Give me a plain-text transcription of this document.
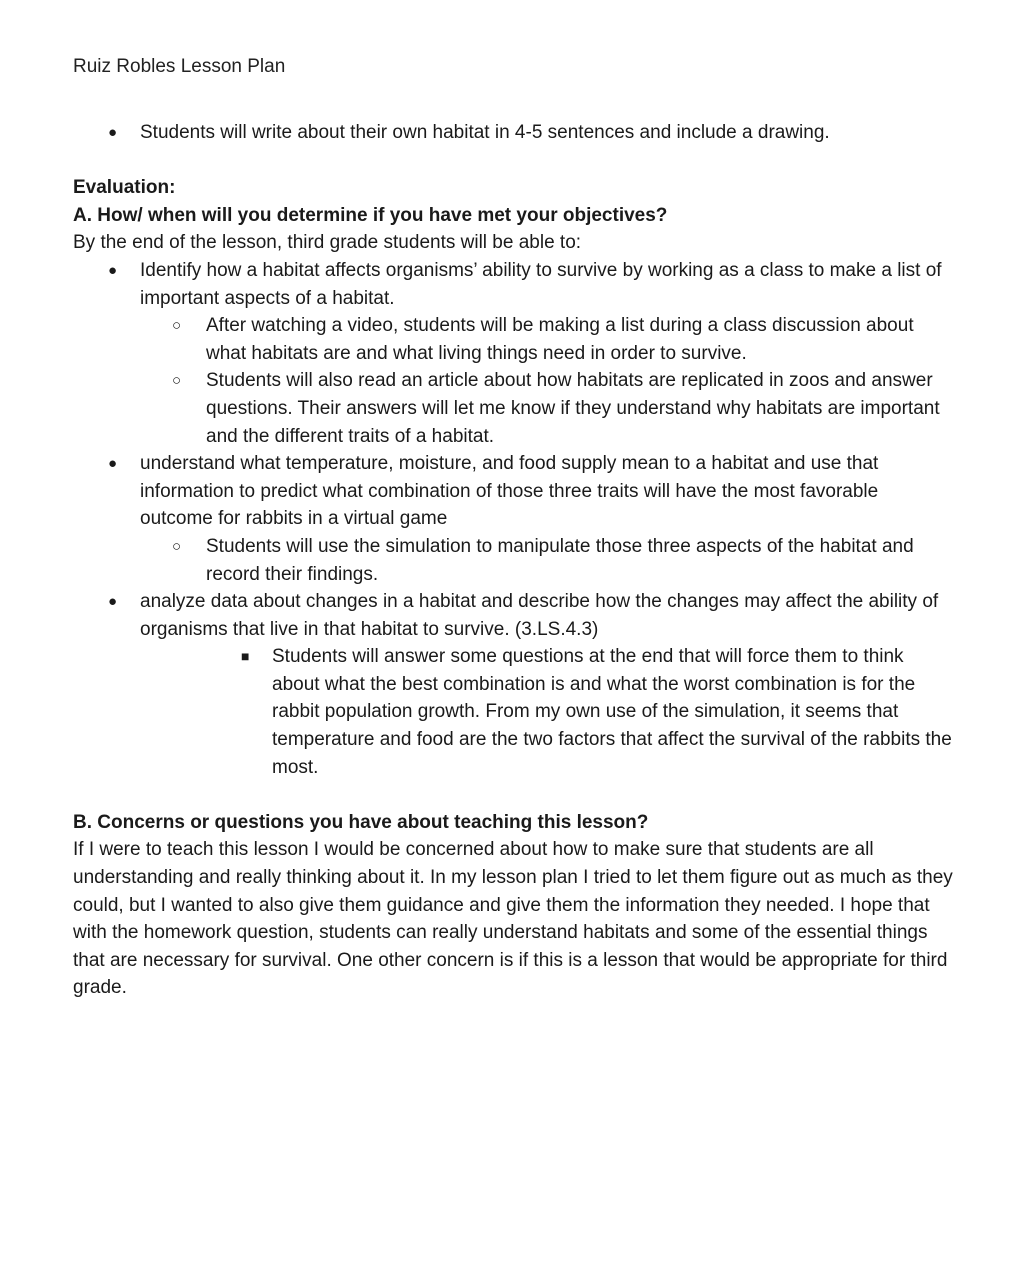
Ruiz Robles Lesson Plan
●	Students will write about their own habitat in 4-5 sentences and include a drawing.
Evaluation:
A. How/ when will you determine if you have met your objectives?
By the end of the lesson, third grade students will be able to:
●	Identify how a habitat affects organisms’ ability to survive by working as a class to make a list of important aspects of a habitat.
○	After watching a video, students will be making a list during a class discussion about what habitats are and what living things need in order to survive.
○	Students will also read an article about how habitats are replicated in zoos and answer questions. Their answers will let me know if they understand why habitats are important and the different traits of a habitat.
●	understand what temperature, moisture, and food supply mean to a habitat and use that information to predict what combination of those three traits will have the most favorable outcome for rabbits in a virtual game
○	Students will use the simulation to manipulate those three aspects of the habitat and record their findings.
●	analyze data about changes in a habitat and describe how the changes may affect the ability of organisms that live in that habitat to survive. (3.LS.4.3)
■	Students will answer some questions at the end that will force them to think about what the best combination is and what the worst combination is for the rabbit population growth. From my own use of the simulation, it seems that temperature and food are the two factors that affect the survival of the rabbits the most.
B. Concerns or questions you have about teaching this lesson?
If I were to teach this lesson I would be concerned about how to make sure that students are all understanding and really thinking about it. In my lesson plan I tried to let them figure out as much as they could, but I wanted to also give them guidance and give them the information they needed. I hope that with the homework question, students can really understand habitats and some of the essential things that are necessary for survival. One other concern is if this is a lesson that would be appropriate for third grade.
